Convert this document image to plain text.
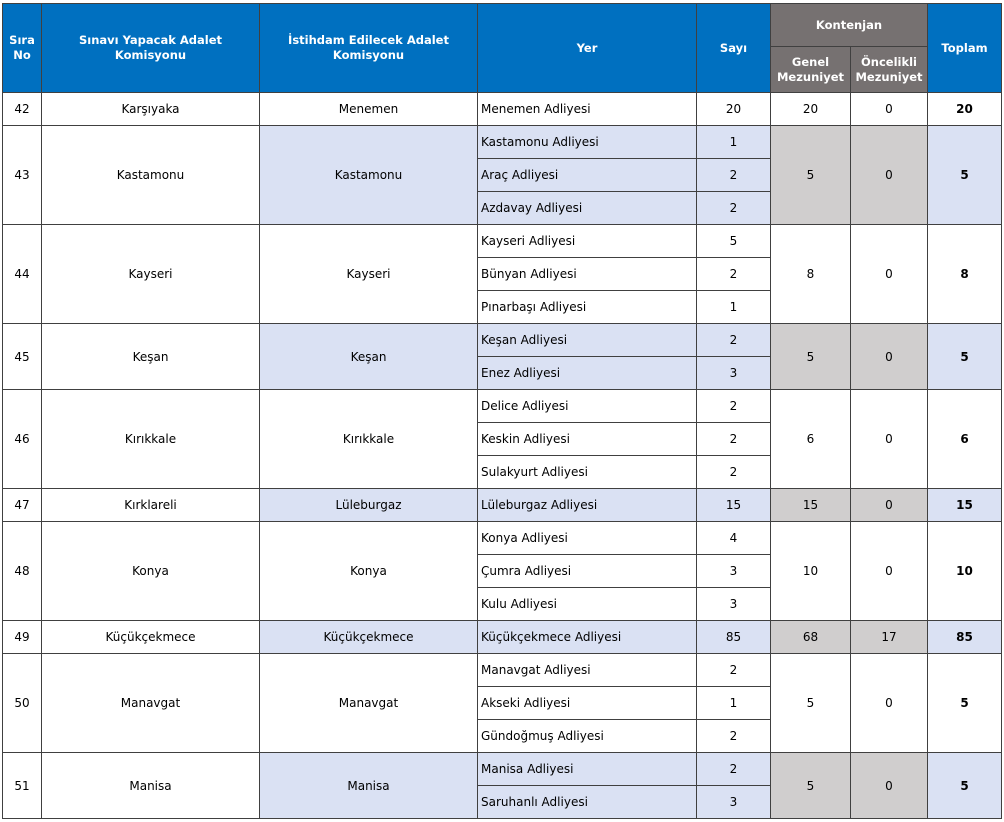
Sıra No	Sınavı Yapacak Adalet Komisyonu	İstihdam Edilecek Adalet Komisyonu	Yer	Sayı	Kontenjan		Toplam
					Genel Mezuniyet	Öncelikli Mezuniyet	
42	Karşıyaka	Menemen	Menemen Adliyesi	20	20	0	20
43	Kastamonu	Kastamonu	Kastamonu Adliyesi	1	5	0	5
			Araç Adliyesi	2			
			Azdavay Adliyesi	2			
44	Kayseri	Kayseri	Kayseri Adliyesi	5	8	0	8
			Bünyan Adliyesi	2			
			Pınarbaşı Adliyesi	1			
45	Keşan	Keşan	Keşan Adliyesi	2	5	0	5
			Enez Adliyesi	3			
46	Kırıkkale	Kırıkkale	Delice Adliyesi	2	6	0	6
			Keskin Adliyesi	2			
			Sulakyurt Adliyesi	2			
47	Kırklareli	Lüleburgaz	Lüleburgaz Adliyesi	15	15	0	15
48	Konya	Konya	Konya Adliyesi	4	10	0	10
			Çumra Adliyesi	3			
			Kulu Adliyesi	3			
49	Küçükçekmece	Küçükçekmece	Küçükçekmece Adliyesi	85	68	17	85
50	Manavgat	Manavgat	Manavgat Adliyesi	2	5	0	5
			Akseki Adliyesi	1			
			Gündoğmuş Adliyesi	2			
51	Manisa	Manisa	Manisa Adliyesi	2	5	0	5
			Saruhanlı Adliyesi	3			
